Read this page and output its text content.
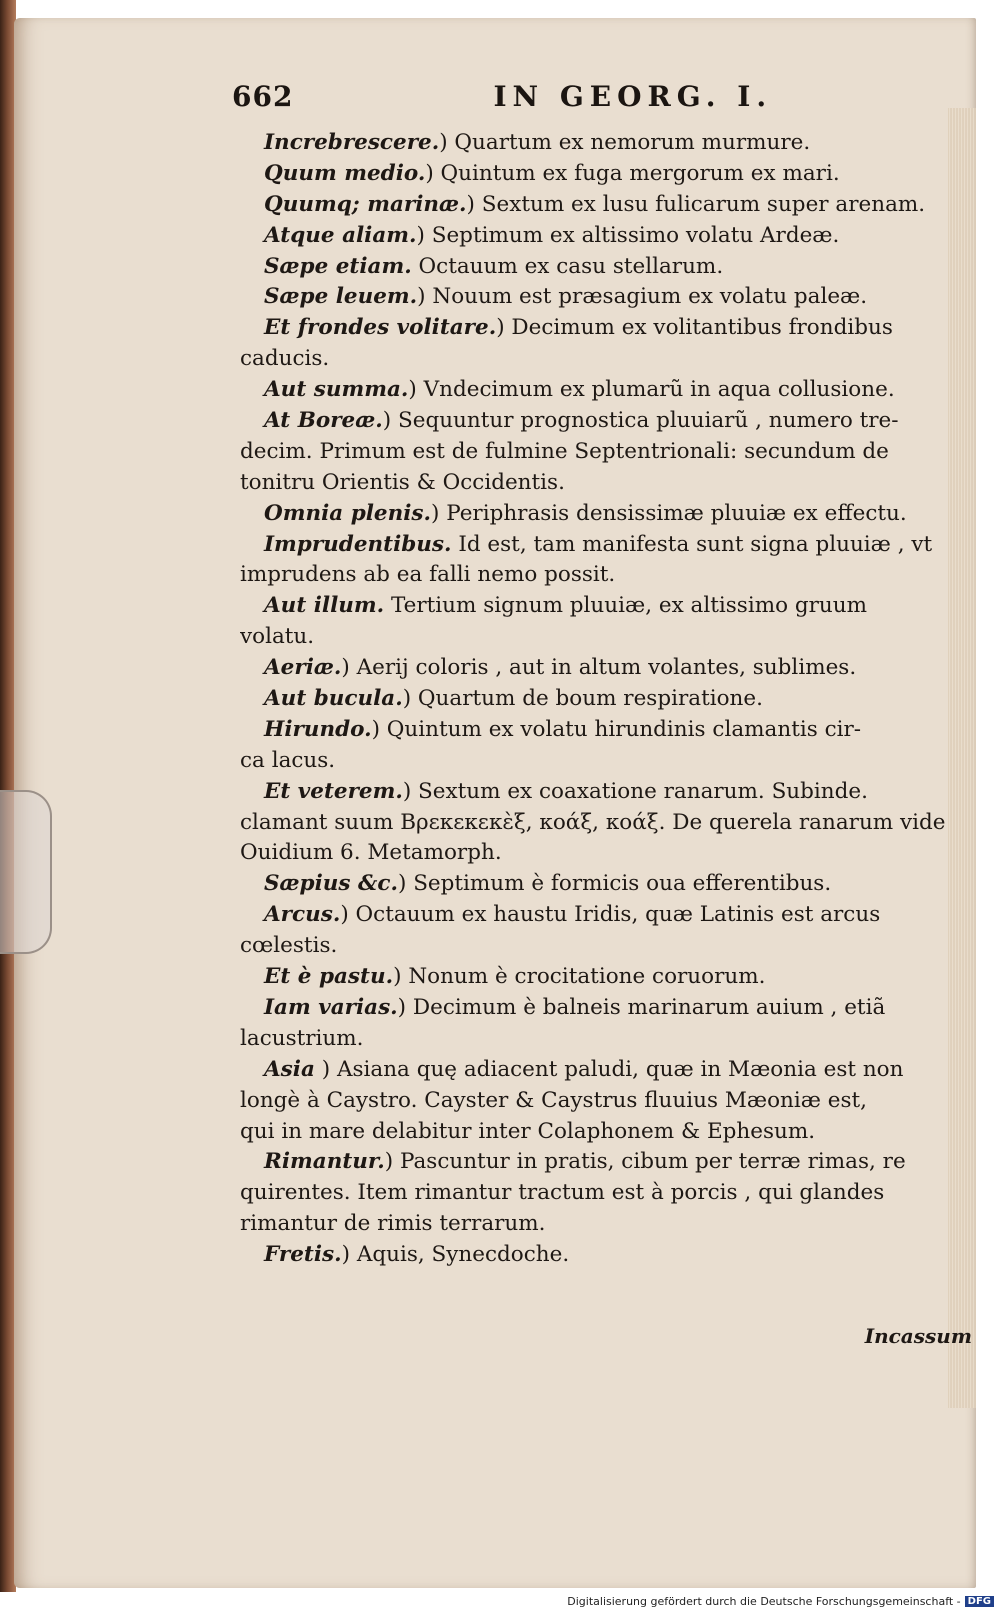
662	IN GEORG. I.
Increbrescere.) Quartum ex nemorum murmure.
Quum medio.) Quintum ex fuga mergorum ex mari.
Quumq; marinæ.) Sextum ex lusu fulicarum super arenam.
Atque aliam.) Septimum ex altissimo volatu Ardeæ.
Sæpe etiam. Octauum ex casu stellarum.
Sæpe leuem.) Nouum est præsagium ex volatu paleæ.
Et frondes volitare.) Decimum ex volitantibus frondibus
caducis.
Aut summa.) Vndecimum ex plumarũ in aqua collusione.
At Boreæ.) Sequuntur prognostica pluuiarũ , numero tre-
decim. Primum est de fulmine Septentrionali: secundum de
tonitru Orientis & Occidentis.
Omnia plenis.) Periphrasis densissimæ pluuiæ ex effectu.
Imprudentibus. Id est, tam manifesta sunt signa pluuiæ , vt
imprudens ab ea falli nemo possit.
Aut illum. Tertium signum pluuiæ, ex altissimo gruum
volatu.
Aeriæ.) Aerij coloris , aut in altum volantes, sublimes.
Aut bucula.) Quartum de boum respiratione.
Hirundo.) Quintum ex volatu hirundinis clamantis cir-
ca lacus.
Et veterem.) Sextum ex coaxatione ranarum. Subinde.
clamant suum Βρεκεκεκὲξ, κοάξ, κοάξ. De querela ranarum vide
Ouidium 6. Metamorph.
Sæpius &c.) Septimum è formicis oua efferentibus.
Arcus.) Octauum ex haustu Iridis, quæ Latinis est arcus
cœlestis.
Et è pastu.) Nonum è crocitatione coruorum.
Iam varias.) Decimum è balneis marinarum auium , etiã
lacustrium.
Asia ) Asiana quę adiacent paludi, quæ in Mæonia est non
longè à Caystro. Cayster & Caystrus fluuius Mæoniæ est,
qui in mare delabitur inter Colaphonem & Ephesum.
Rimantur.) Pascuntur in pratis, cibum per terræ rimas, re
quirentes. Item rimantur tractum est à porcis , qui glandes
rimantur de rimis terrarum.
Fretis.) Aquis, Synecdoche.
Incassum
Digitalisierung gefördert durch die Deutsche Forschungsgemeinschaft - DFG
